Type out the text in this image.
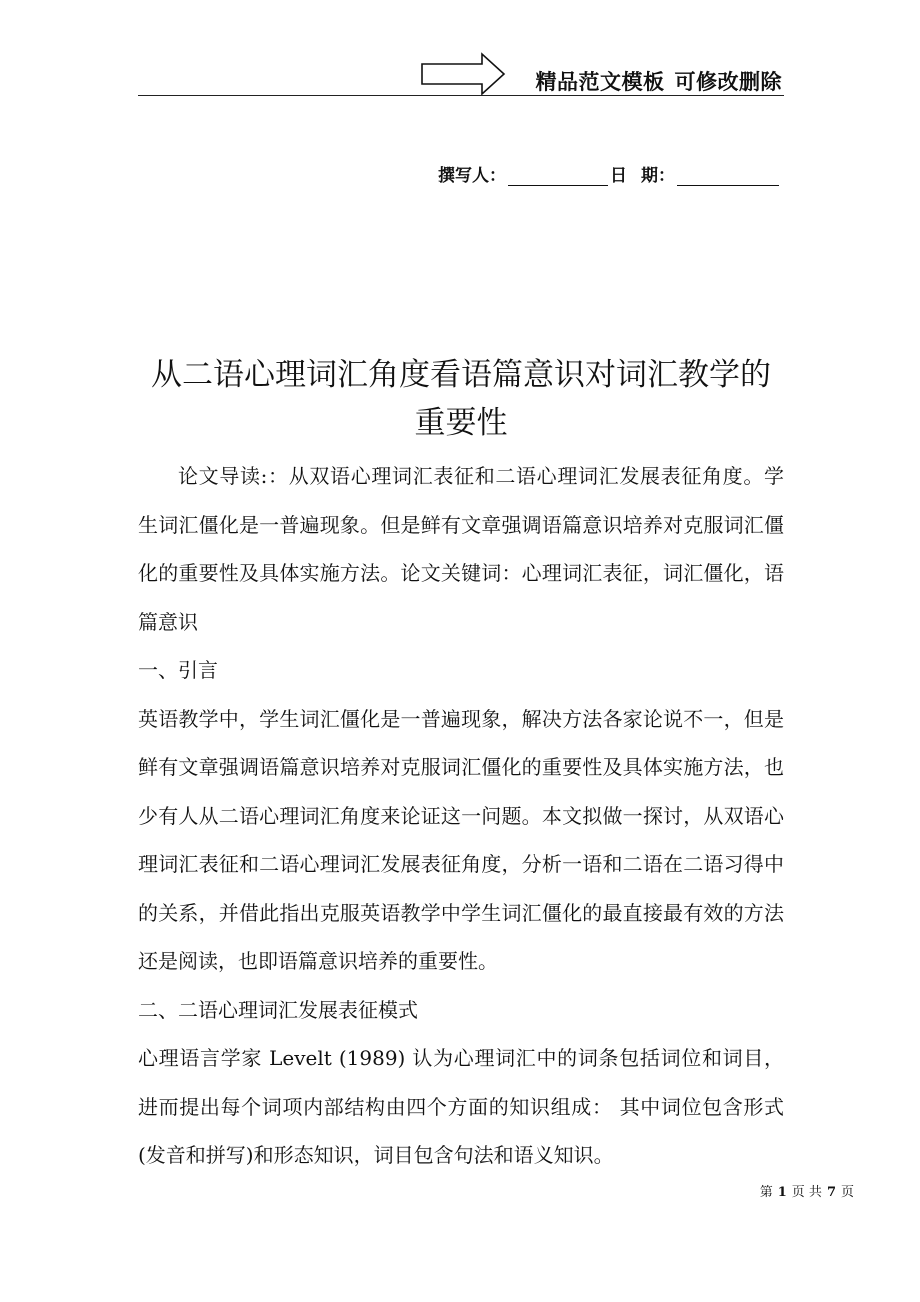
精品范文模板 可修改删除
撰写人：	日 期：
从二语心理词汇角度看语篇意识对词汇教学的重要性

论文导读:：从双语心理词汇表征和二语心理词汇发展表征角度。学生词汇僵化是一普遍现象。但是鲜有文章强调语篇意识培养对克服词汇僵化的重要性及具体实施方法。论文关键词：心理词汇表征，词汇僵化，语篇意识

一、引言

英语教学中，学生词汇僵化是一普遍现象，解决方法各家论说不一，但是鲜有文章强调语篇意识培养对克服词汇僵化的重要性及具体实施方法，也少有人从二语心理词汇角度来论证这一问题。本文拟做一探讨，从双语心理词汇表征和二语心理词汇发展表征角度，分析一语和二语在二语习得中的关系，并借此指出克服英语教学中学生词汇僵化的最直接最有效的方法还是阅读，也即语篇意识培养的重要性。

二、二语心理词汇发展表征模式

心理语言学家 Levelt (1989) 认为心理词汇中的词条包括词位和词目，进而提出每个词项内部结构由四个方面的知识组成： 其中词位包含形式(发音和拼写)和形态知识，词目包含句法和语义知识。

第 1 页 共 7 页
